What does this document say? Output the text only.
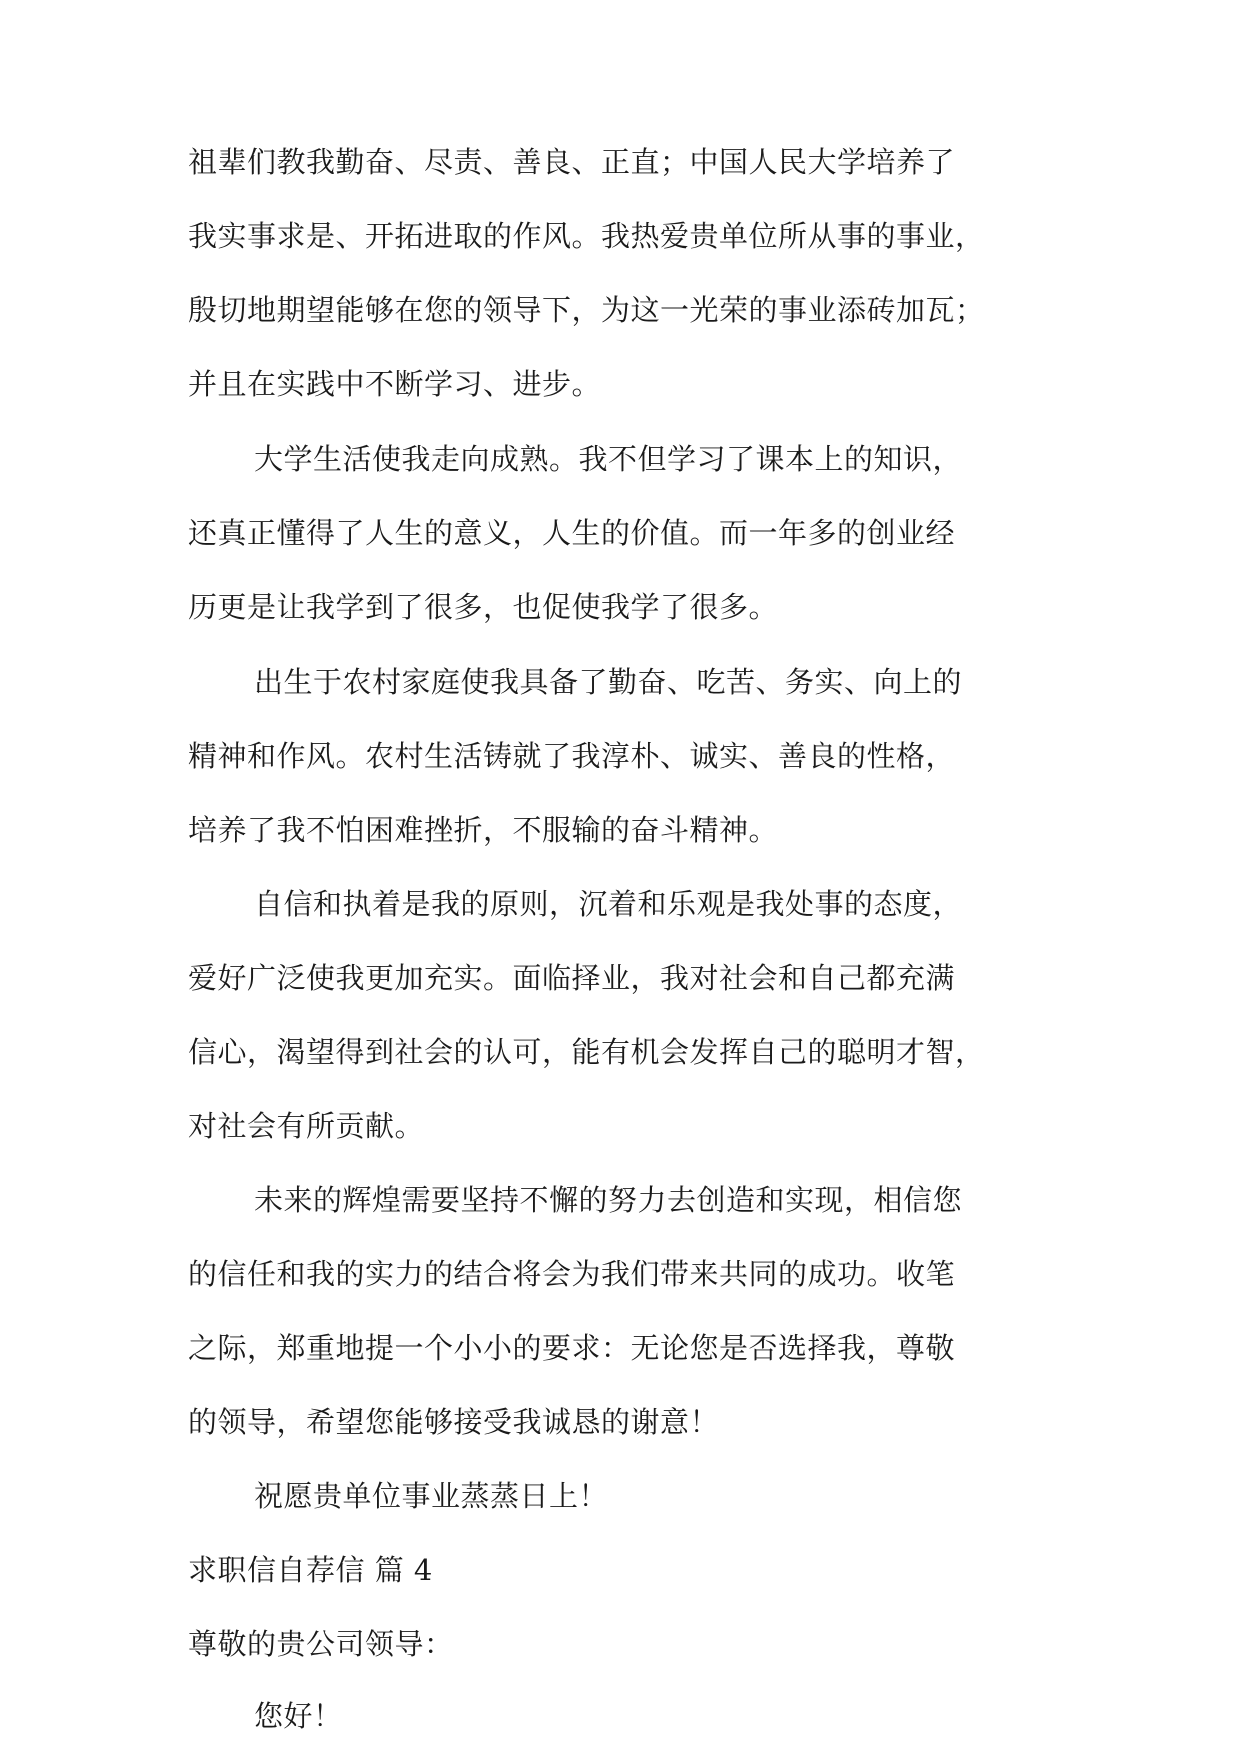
祖辈们教我勤奋、尽责、善良、正直；中国人民大学培养了
我实事求是、开拓进取的作风。我热爱贵单位所从事的事业，
殷切地期望能够在您的领导下，为这一光荣的事业添砖加瓦；
并且在实践中不断学习、进步。
大学生活使我走向成熟。我不但学习了课本上的知识，
还真正懂得了人生的意义，人生的价值。而一年多的创业经
历更是让我学到了很多，也促使我学了很多。
出生于农村家庭使我具备了勤奋、吃苦、务实、向上的
精神和作风。农村生活铸就了我淳朴、诚实、善良的性格，
培养了我不怕困难挫折，不服输的奋斗精神。
自信和执着是我的原则，沉着和乐观是我处事的态度，
爱好广泛使我更加充实。面临择业，我对社会和自己都充满
信心，渴望得到社会的认可，能有机会发挥自己的聪明才智，
对社会有所贡献。
未来的辉煌需要坚持不懈的努力去创造和实现，相信您
的信任和我的实力的结合将会为我们带来共同的成功。收笔
之际，郑重地提一个小小的要求：无论您是否选择我，尊敬
的领导，希望您能够接受我诚恳的谢意！
祝愿贵单位事业蒸蒸日上！
求职信自荐信 篇 4
尊敬的贵公司领导：
您好！
